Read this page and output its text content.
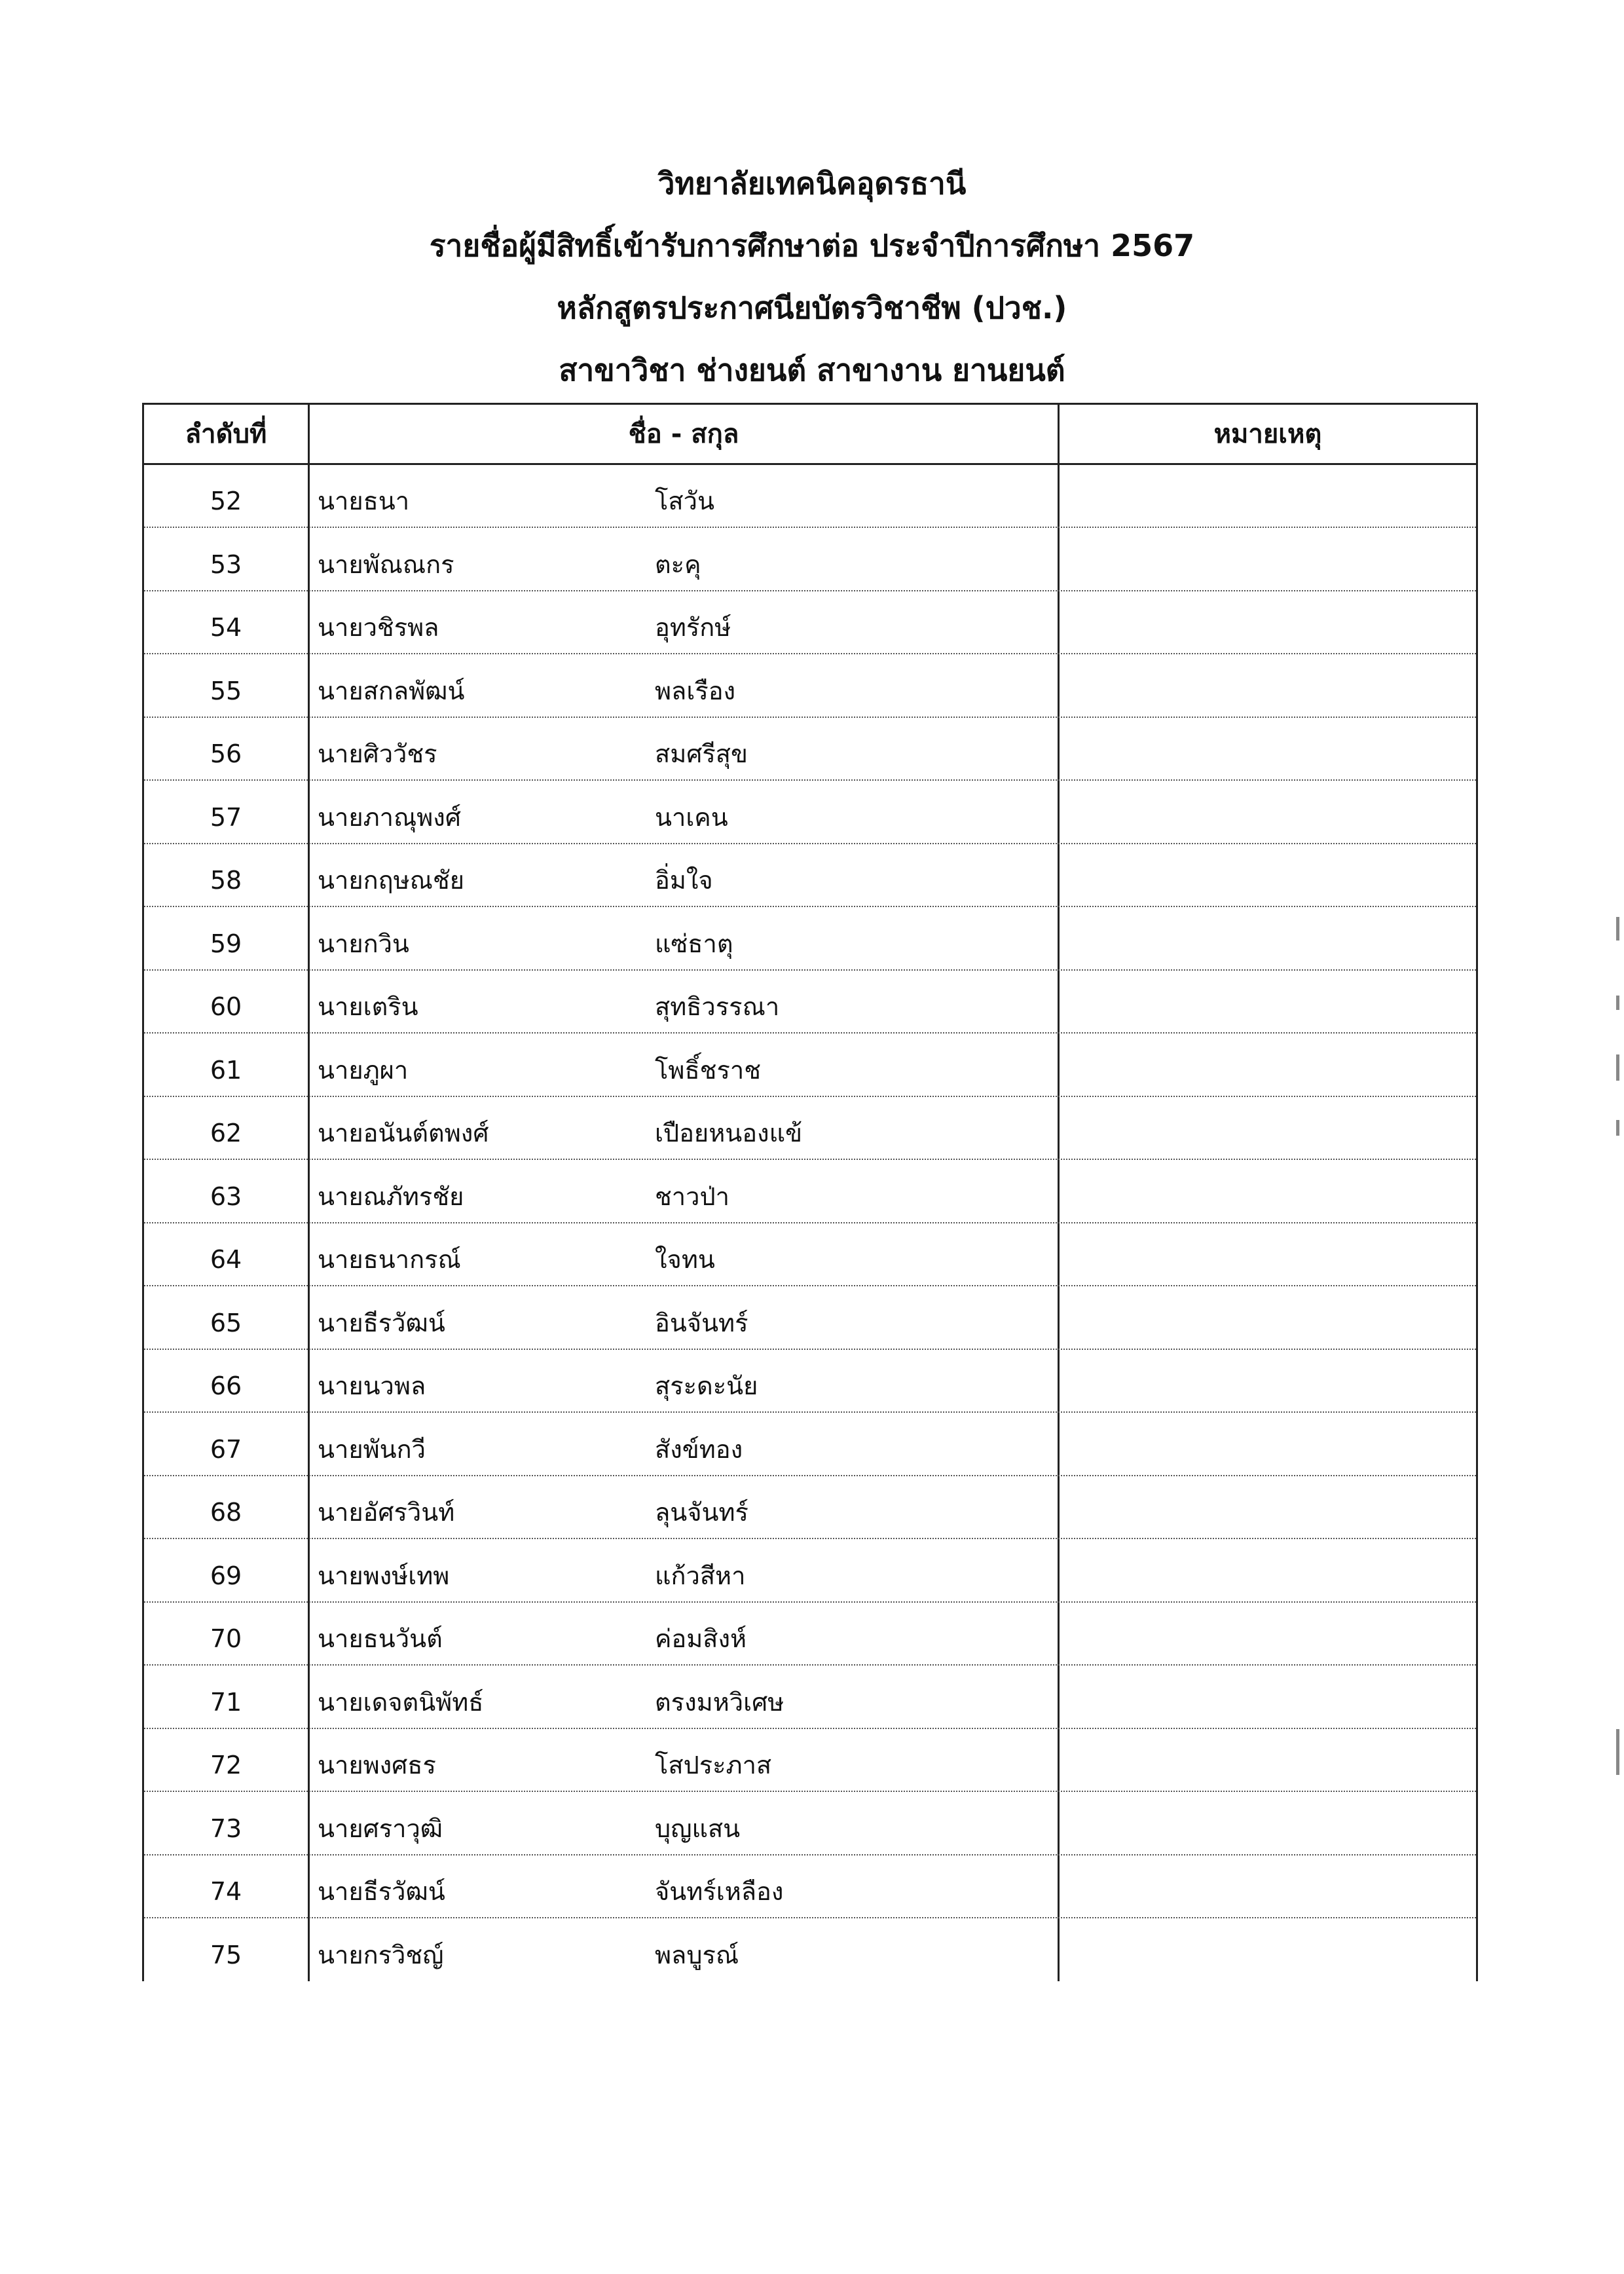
วิทยาลัยเทคนิคอุดรธานี
รายชื่อผู้มีสิทธิ์เข้ารับการศึกษาต่อ ประจำปีการศึกษา 2567
หลักสูตรประกาศนียบัตรวิชาชีพ (ปวช.)
สาขาวิชา ช่างยนต์ สาขางาน ยานยนต์
ลำดับที่	ชื่อ - สกุล	หมายเหตุ
52	นายธนา	โสวัน
53	นายพัณณกร	ตะคุ
54	นายวชิรพล	อุทรักษ์
55	นายสกลพัฒน์	พลเรือง
56	นายศิววัชร	สมศรีสุข
57	นายภาณุพงศ์	นาเคน
58	นายกฤษณชัย	อิ่มใจ
59	นายกวิน	แซ่ธาตุ
60	นายเตริน	สุทธิวรรณา
61	นายภูผา	โพธิ์ชราช
62	นายอนันต์ตพงศ์	เปือยหนองแข้
63	นายณภัทรชัย	ชาวป่า
64	นายธนากรณ์	ใจทน
65	นายธีรวัฒน์	อินจันทร์
66	นายนวพล	สุระดะนัย
67	นายพันกวี	สังข์ทอง
68	นายอัศรวินท์	ลุนจันทร์
69	นายพงษ์เทพ	แก้วสีหา
70	นายธนวันต์	ค่อมสิงห์
71	นายเดจตนิพัทธ์	ตรงมหวิเศษ
72	นายพงศธร	โสประภาส
73	นายศราวุฒิ	บุญแสน
74	นายธีรวัฒน์	จันทร์เหลือง
75	นายกรวิชญ์	พลบูรณ์
